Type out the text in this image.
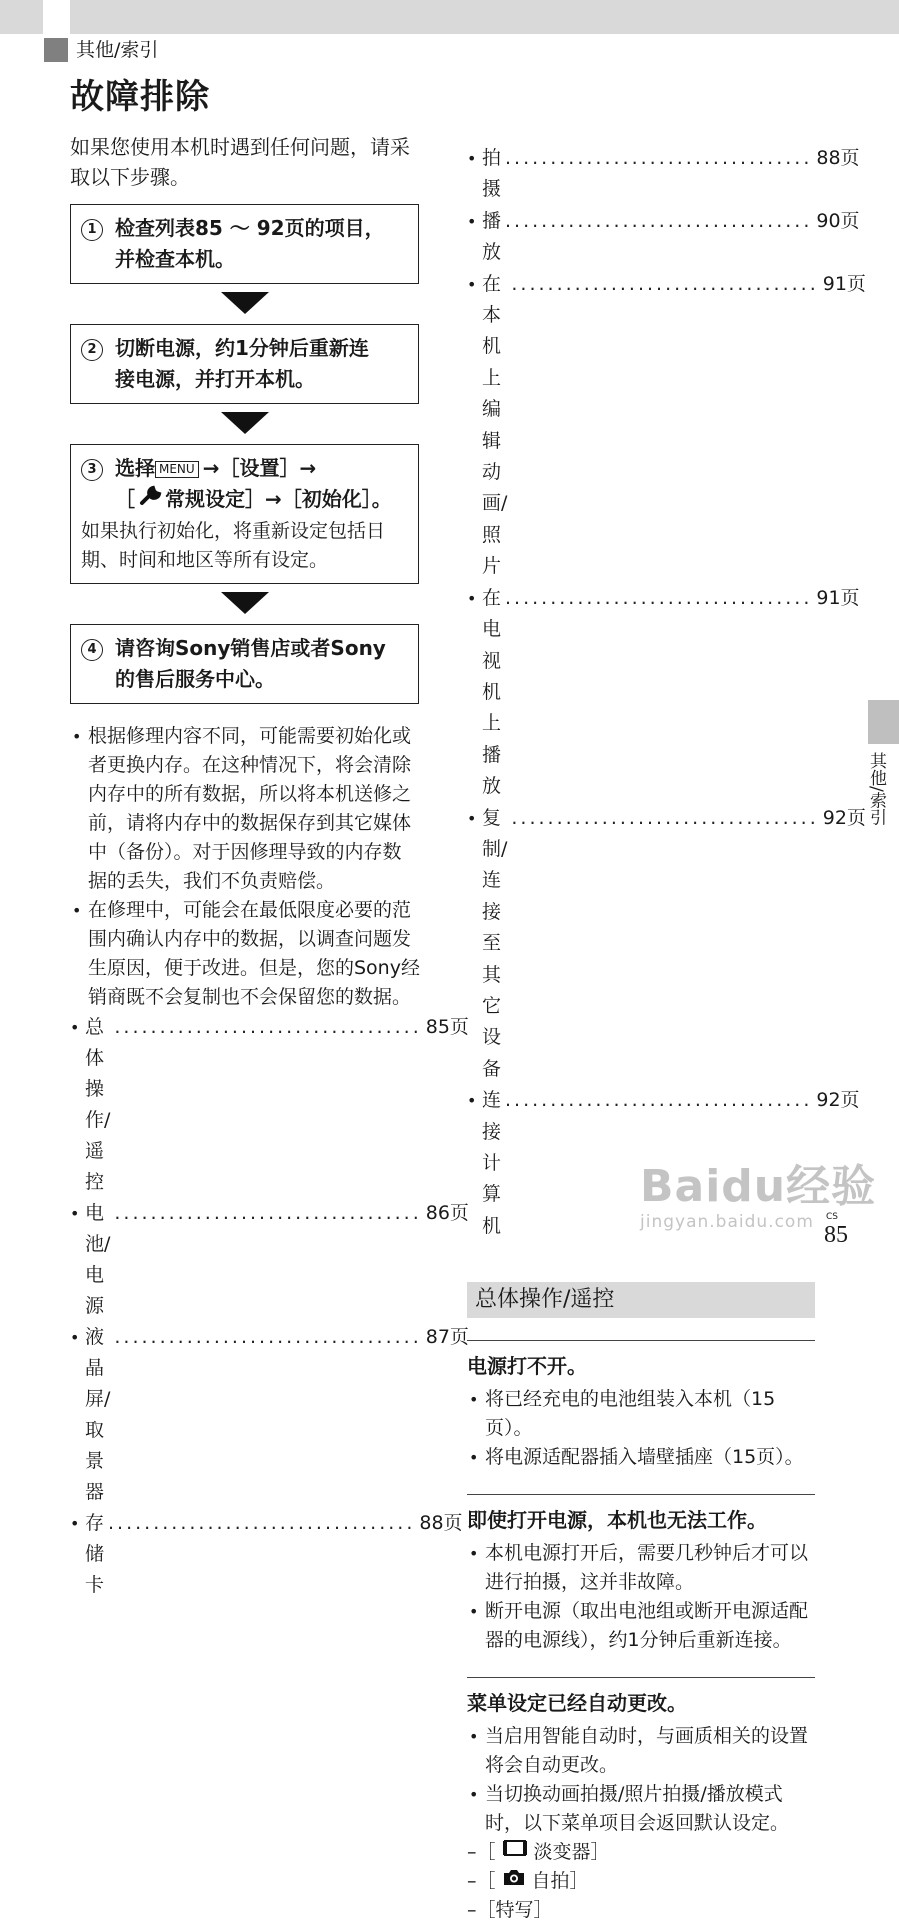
其他/索引
故障排除

如果您使用本机时遇到任何问题，请采取以下步骤。

1 检查列表85 ～ 92页的项目，
并检查本机。
2 切断电源，约1分钟后重新连
接电源，并打开本机。
3 选择 MENU →［设置］→
［ 常规设定］→［初始化］。

如果执行初始化，将重新设定包括日期、时间和地区等所有设定。

4 请咨询Sony销售店或者Sony
的售后服务中心。

• 根据修理内容不同，可能需要初始化或者更换内存。在这种情况下，将会清除内存中的所有数据，所以将本机送修之前，请将内存中的数据保存到其它媒体中（备份）。对于因修理导致的内存数据的丢失，我们不负责赔偿。

• 在修理中，可能会在最低限度必要的范围内确认内存中的数据，以调查问题发生原因，便于改进。但是，您的Sony经销商既不会复制也不会保留您的数据。

• 总体操作/遥控
.................................. 85页
• 电池/电源
.................................. 86页
• 液晶屏/取景器
.................................. 87页
• 存储卡
.................................. 88页
• 拍摄
.................................. 88页
• 播放
.................................. 90页
• 在本机上编辑动画/照片
.................................. 91页
• 在电视机上播放
.................................. 91页
• 复制/连接至其它设备
.................................. 92页
• 连接计算机
.................................. 92页
总体操作/遥控
电源打不开。

• 将已经充电的电池组装入本机（15页）。

• 将电源适配器插入墙壁插座（15页）。

即使打开电源，本机也无法工作。

• 本机电源打开后，需要几秒钟后才可以进行拍摄，这并非故障。

• 断开电源（取出电池组或断开电源适配器的电源线），约1分钟后重新连接。

菜单设定已经自动更改。

• 当启用智能自动时，与画质相关的设置将会自动更改。

• 当切换动画拍摄/照片拍摄/播放模式时，以下菜单项目会返回默认设定。

–［ 淡变器］
–［ 自拍］
–［ 特写］
其他/索引
Baidu经验
jingyan.baidu.com	CS
85
